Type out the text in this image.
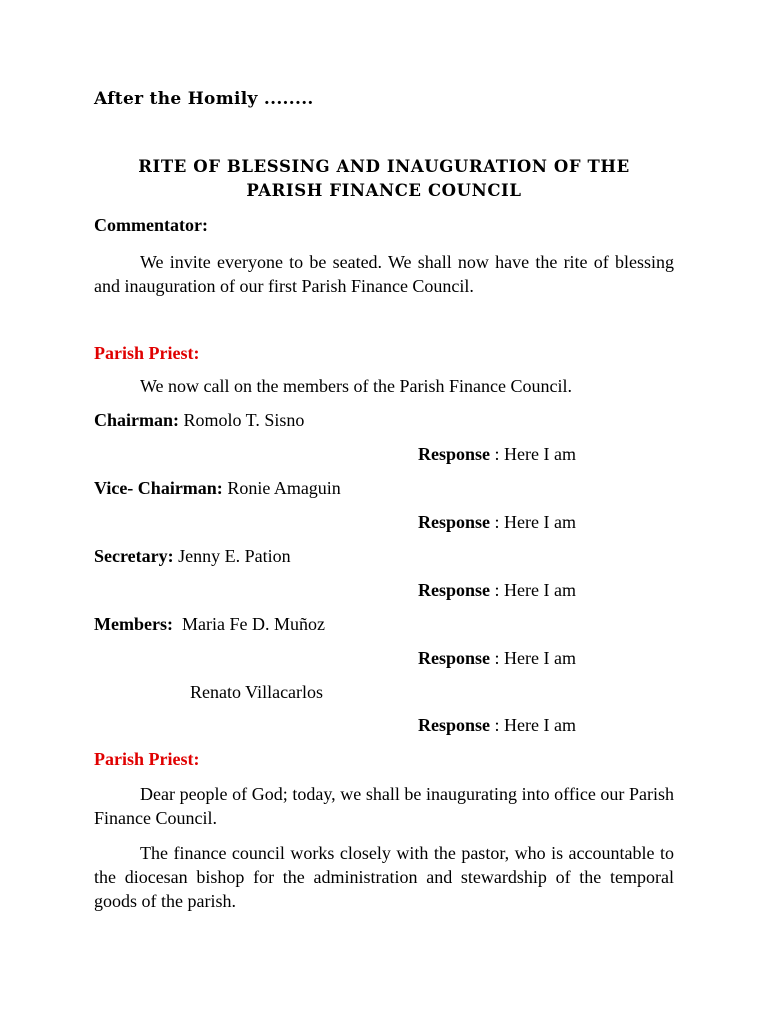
After the Homily ........
RITE OF BLESSING AND INAUGURATION OF THE
PARISH FINANCE COUNCIL
Commentator:
We invite everyone to be seated. We shall now have the rite of blessing and inauguration of our first Parish Finance Council.
Parish Priest:
We now call on the members of the Parish Finance Council.
Chairman: Romolo T. Sisno
Response : Here I am
Vice- Chairman: Ronie Amaguin
Response : Here I am
Secretary: Jenny E. Pation
Response : Here I am
Members: Maria Fe D. Muñoz
Response : Here I am
Renato Villacarlos
Response : Here I am
Parish Priest:
Dear people of God; today, we shall be inaugurating into office our Parish Finance Council.
The finance council works closely with the pastor, who is accountable to the diocesan bishop for the administration and stewardship of the temporal goods of the parish.
